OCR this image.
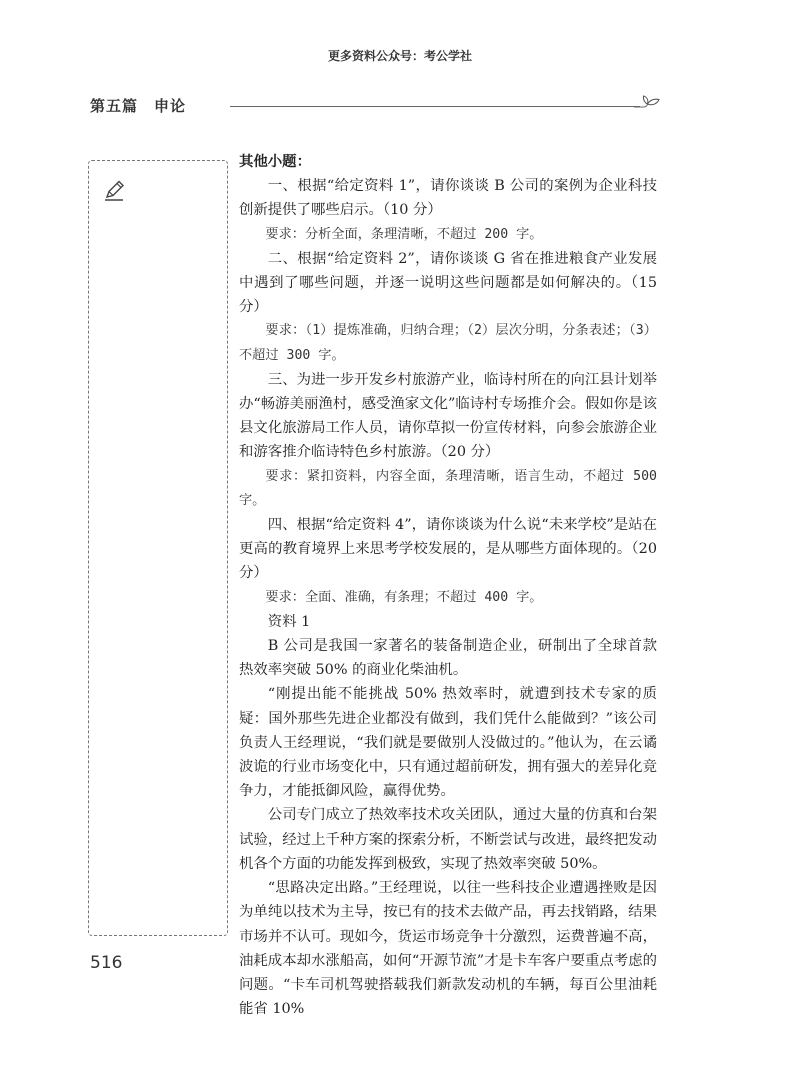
更多资料公众号：考公学社
第五篇　申论

其他小题：

一、根据“给定资料 1”，请你谈谈 B 公司的案例为企业科技创新提供了哪些启示。（10 分）

要求：分析全面，条理清晰，不超过 200 字。

二、根据“给定资料 2”，请你谈谈 G 省在推进粮食产业发展中遇到了哪些问题，并逐一说明这些问题都是如何解决的。（15 分）

要求：（1）提炼准确，归纳合理；（2）层次分明，分条表述；（3）不超过 300 字。

三、为进一步开发乡村旅游产业，临诗村所在的向江县计划举办“畅游美丽渔村，感受渔家文化”临诗村专场推介会。假如你是该县文化旅游局工作人员，请你草拟一份宣传材料，向参会旅游企业和游客推介临诗特色乡村旅游。（20 分）

要求：紧扣资料，内容全面，条理清晰，语言生动，不超过 500 字。

四、根据“给定资料 4”，请你谈谈为什么说“未来学校”是站在更高的教育境界上来思考学校发展的，是从哪些方面体现的。（20 分）

要求：全面、准确，有条理；不超过 400 字。

资料 1

B 公司是我国一家著名的装备制造企业，研制出了全球首款热效率突破 50% 的商业化柴油机。

“刚提出能不能挑战 50% 热效率时，就遭到技术专家的质疑：国外那些先进企业都没有做到，我们凭什么能做到？”该公司负责人王经理说，“我们就是要做别人没做过的。”他认为，在云谲波诡的行业市场变化中，只有通过超前研发，拥有强大的差异化竞争力，才能抵御风险，赢得优势。

公司专门成立了热效率技术攻关团队，通过大量的仿真和台架试验，经过上千种方案的探索分析，不断尝试与改进，最终把发动机各个方面的功能发挥到极致，实现了热效率突破 50%。

“思路决定出路。”王经理说，以往一些科技企业遭遇挫败是因为单纯以技术为主导，按已有的技术去做产品，再去找销路，结果市场并不认可。现如今，货运市场竞争十分激烈，运费普遍不高，油耗成本却水涨船高，如何“开源节流”才是卡车客户要重点考虑的问题。“卡车司机驾驶搭载我们新款发动机的车辆，每百公里油耗能省 10%

516
